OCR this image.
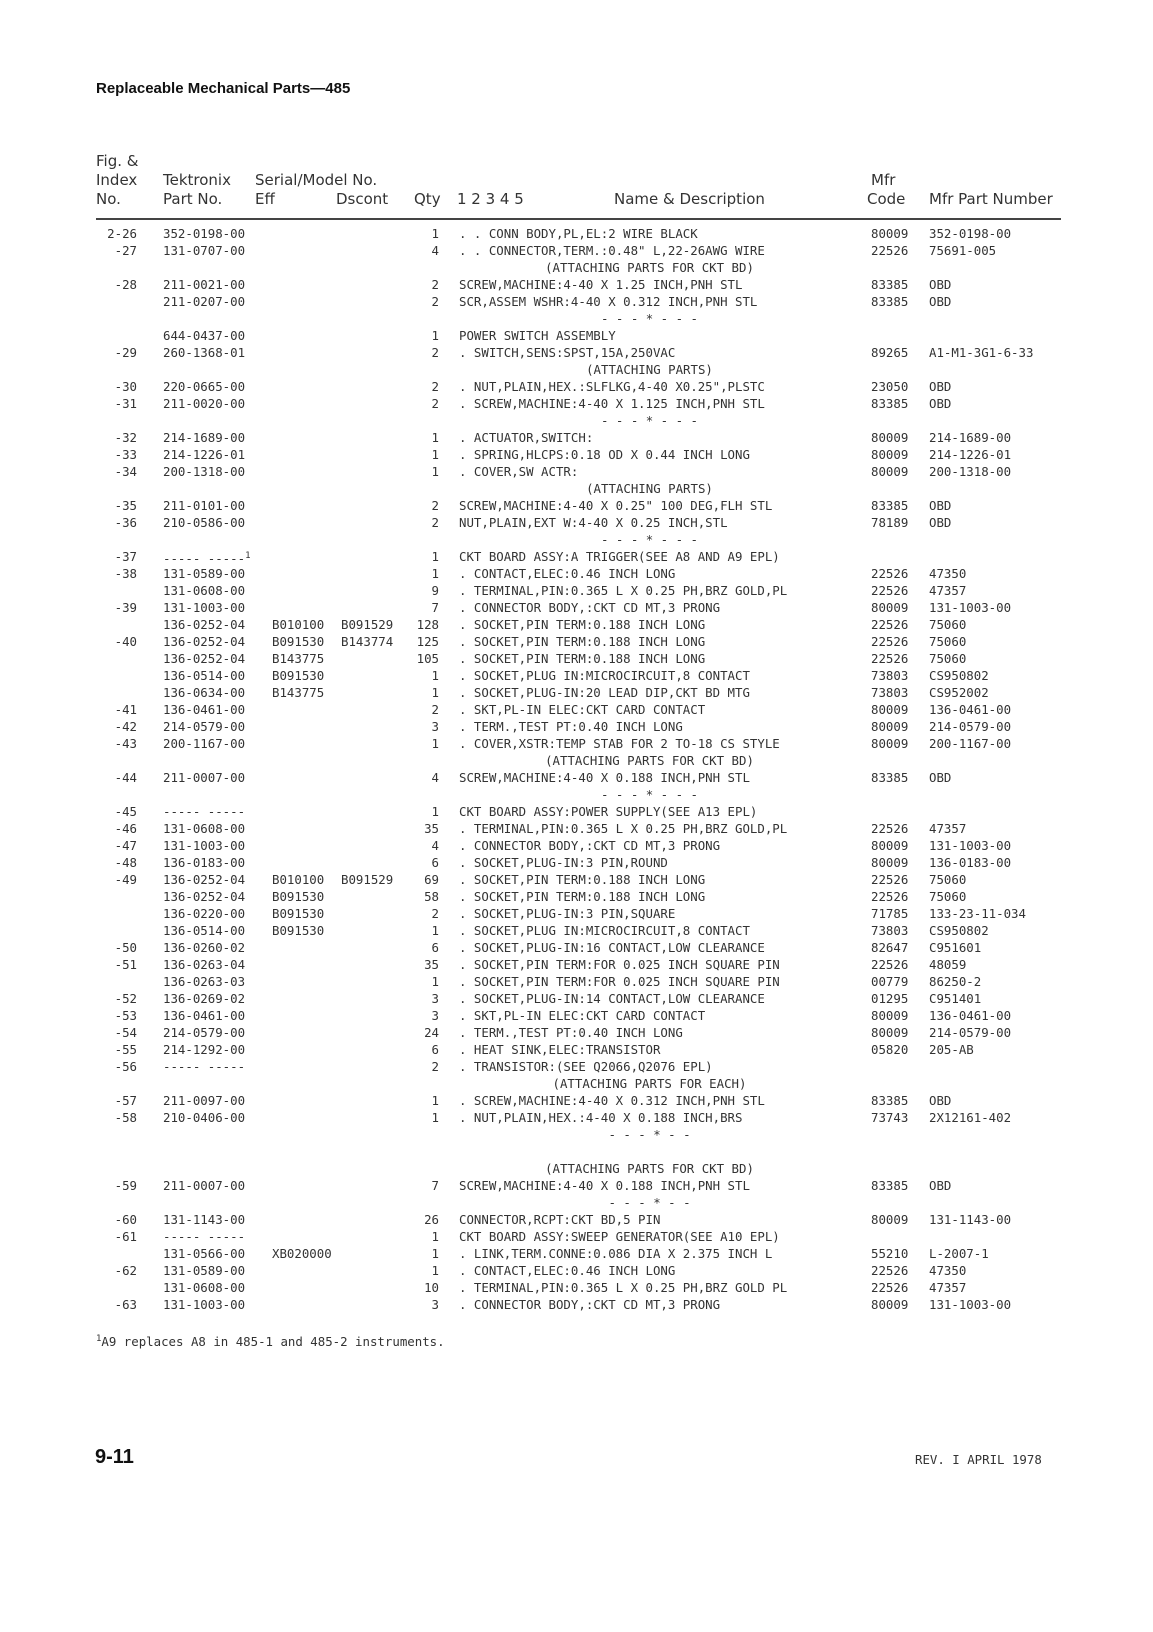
Replaceable Mechanical Parts—485
Fig. &
Index
No.
Tektronix
Part No.
Serial/Model No.
Eff	Dscont Qty 1 2 3 4 5	Name & Description
Mfr
Code Mfr Part Number
2-26 352-0198-00	1 . . CONN BODY,PL,EL:2 WIRE BLACK	80009 352-0198-00
-27 131-0707-00	4 . . CONNECTOR,TERM.:0.48" L,22-26AWG WIRE	22526 75691-005
(ATTACHING PARTS FOR CKT BD)
-28 211-0021-00	2 SCREW,MACHINE:4-40 X 1.25 INCH,PNH STL	83385 OBD
211-0207-00	2 SCR,ASSEM WSHR:4-40 X 0.312 INCH,PNH STL	83385 OBD
- - - * - - -
644-0437-00	1 POWER SWITCH ASSEMBLY
-29 260-1368-01	2 . SWITCH,SENS:SPST,15A,250VAC	89265 A1-M1-3G1-6-33
(ATTACHING PARTS)
-30 220-0665-00	2 . NUT,PLAIN,HEX.:SLFLKG,4-40 X0.25",PLSTC	23050 OBD
-31 211-0020-00	2 . SCREW,MACHINE:4-40 X 1.125 INCH,PNH STL	83385 OBD
- - - * - - -
-32 214-1689-00	1 . ACTUATOR,SWITCH:	80009 214-1689-00
-33 214-1226-01	1 . SPRING,HLCPS:0.18 OD X 0.44 INCH LONG	80009 214-1226-01
-34 200-1318-00	1 . COVER,SW ACTR:	80009 200-1318-00
(ATTACHING PARTS)
-35 211-0101-00	2 SCREW,MACHINE:4-40 X 0.25" 100 DEG,FLH STL	83385 OBD
-36 210-0586-00	2 NUT,PLAIN,EXT W:4-40 X 0.25 INCH,STL	78189 OBD
- - - * - - -
-37 ----- -----$^1$	1 CKT BOARD ASSY:A TRIGGER(SEE A8 AND A9 EPL)
-38 131-0589-00	1 . CONTACT,ELEC:0.46 INCH LONG	22526 47350
131-0608-00	9 . TERMINAL,PIN:0.365 L X 0.25 PH,BRZ GOLD,PL	22526 47357
-39 131-1003-00	7 . CONNECTOR BODY,:CKT CD MT,3 PRONG	80009 131-1003-00
136-0252-04 B010100 B091529 128 . SOCKET,PIN TERM:0.188 INCH LONG	22526 75060
-40 136-0252-04 B091530 B143774 125 . SOCKET,PIN TERM:0.188 INCH LONG	22526 75060
136-0252-04 B143775	105 . SOCKET,PIN TERM:0.188 INCH LONG	22526 75060
136-0514-00 B091530	1 . SOCKET,PLUG IN:MICROCIRCUIT,8 CONTACT	73803 CS950802
136-0634-00 B143775	1 . SOCKET,PLUG-IN:20 LEAD DIP,CKT BD MTG	73803 CS952002
-41 136-0461-00	2 . SKT,PL-IN ELEC:CKT CARD CONTACT	80009 136-0461-00
-42 214-0579-00	3 . TERM.,TEST PT:0.40 INCH LONG	80009 214-0579-00
-43 200-1167-00	1 . COVER,XSTR:TEMP STAB FOR 2 TO-18 CS STYLE	80009 200-1167-00
(ATTACHING PARTS FOR CKT BD)
-44 211-0007-00	4 SCREW,MACHINE:4-40 X 0.188 INCH,PNH STL	83385 OBD
- - - * - - -
-45 ----- -----	1 CKT BOARD ASSY:POWER SUPPLY(SEE A13 EPL)
-46 131-0608-00	35 . TERMINAL,PIN:0.365 L X 0.25 PH,BRZ GOLD,PL	22526 47357
-47 131-1003-00	4 . CONNECTOR BODY,:CKT CD MT,3 PRONG	80009 131-1003-00
-48 136-0183-00	6 . SOCKET,PLUG-IN:3 PIN,ROUND	80009 136-0183-00
-49 136-0252-04 B010100 B091529 69 . SOCKET,PIN TERM:0.188 INCH LONG	22526 75060
136-0252-04 B091530	58 . SOCKET,PIN TERM:0.188 INCH LONG	22526 75060
136-0220-00 B091530	2 . SOCKET,PLUG-IN:3 PIN,SQUARE	71785 133-23-11-034
136-0514-00 B091530	1 . SOCKET,PLUG IN:MICROCIRCUIT,8 CONTACT	73803 CS950802
-50 136-0260-02	6 . SOCKET,PLUG-IN:16 CONTACT,LOW CLEARANCE	82647 C951601
-51 136-0263-04	35 . SOCKET,PIN TERM:FOR 0.025 INCH SQUARE PIN	22526 48059
136-0263-03	1 . SOCKET,PIN TERM:FOR 0.025 INCH SQUARE PIN	00779 86250-2
-52 136-0269-02	3 . SOCKET,PLUG-IN:14 CONTACT,LOW CLEARANCE	01295 C951401
-53 136-0461-00	3 . SKT,PL-IN ELEC:CKT CARD CONTACT	80009 136-0461-00
-54 214-0579-00	24 . TERM.,TEST PT:0.40 INCH LONG	80009 214-0579-00
-55 214-1292-00	6 . HEAT SINK,ELEC:TRANSISTOR	05820 205-AB
-56 ----- -----	2 . TRANSISTOR:(SEE Q2066,Q2076 EPL)
(ATTACHING PARTS FOR EACH)
-57 211-0097-00	1 . SCREW,MACHINE:4-40 X 0.312 INCH,PNH STL	83385 OBD
-58 210-0406-00	1 . NUT,PLAIN,HEX.:4-40 X 0.188 INCH,BRS	73743 2X12161-402
- - - * - -
(ATTACHING PARTS FOR CKT BD)
-59 211-0007-00	7 SCREW,MACHINE:4-40 X 0.188 INCH,PNH STL	83385 OBD
- - - * - -
-60 131-1143-00	26 CONNECTOR,RCPT:CKT BD,5 PIN	80009 131-1143-00
-61 ----- -----	1 CKT BOARD ASSY:SWEEP GENERATOR(SEE A10 EPL)
131-0566-00 XB020000	1 . LINK,TERM.CONNE:0.086 DIA X 2.375 INCH L	55210 L-2007-1
-62 131-0589-00	1 . CONTACT,ELEC:0.46 INCH LONG	22526 47350
131-0608-00	10 . TERMINAL,PIN:0.365 L X 0.25 PH,BRZ GOLD PL	22526 47357
-63 131-1003-00	3 . CONNECTOR BODY,:CKT CD MT,3 PRONG	80009 131-1003-00
$^1$A9 replaces A8 in 485-1 and 485-2 instruments.
9-11	REV. I APRIL 1978
